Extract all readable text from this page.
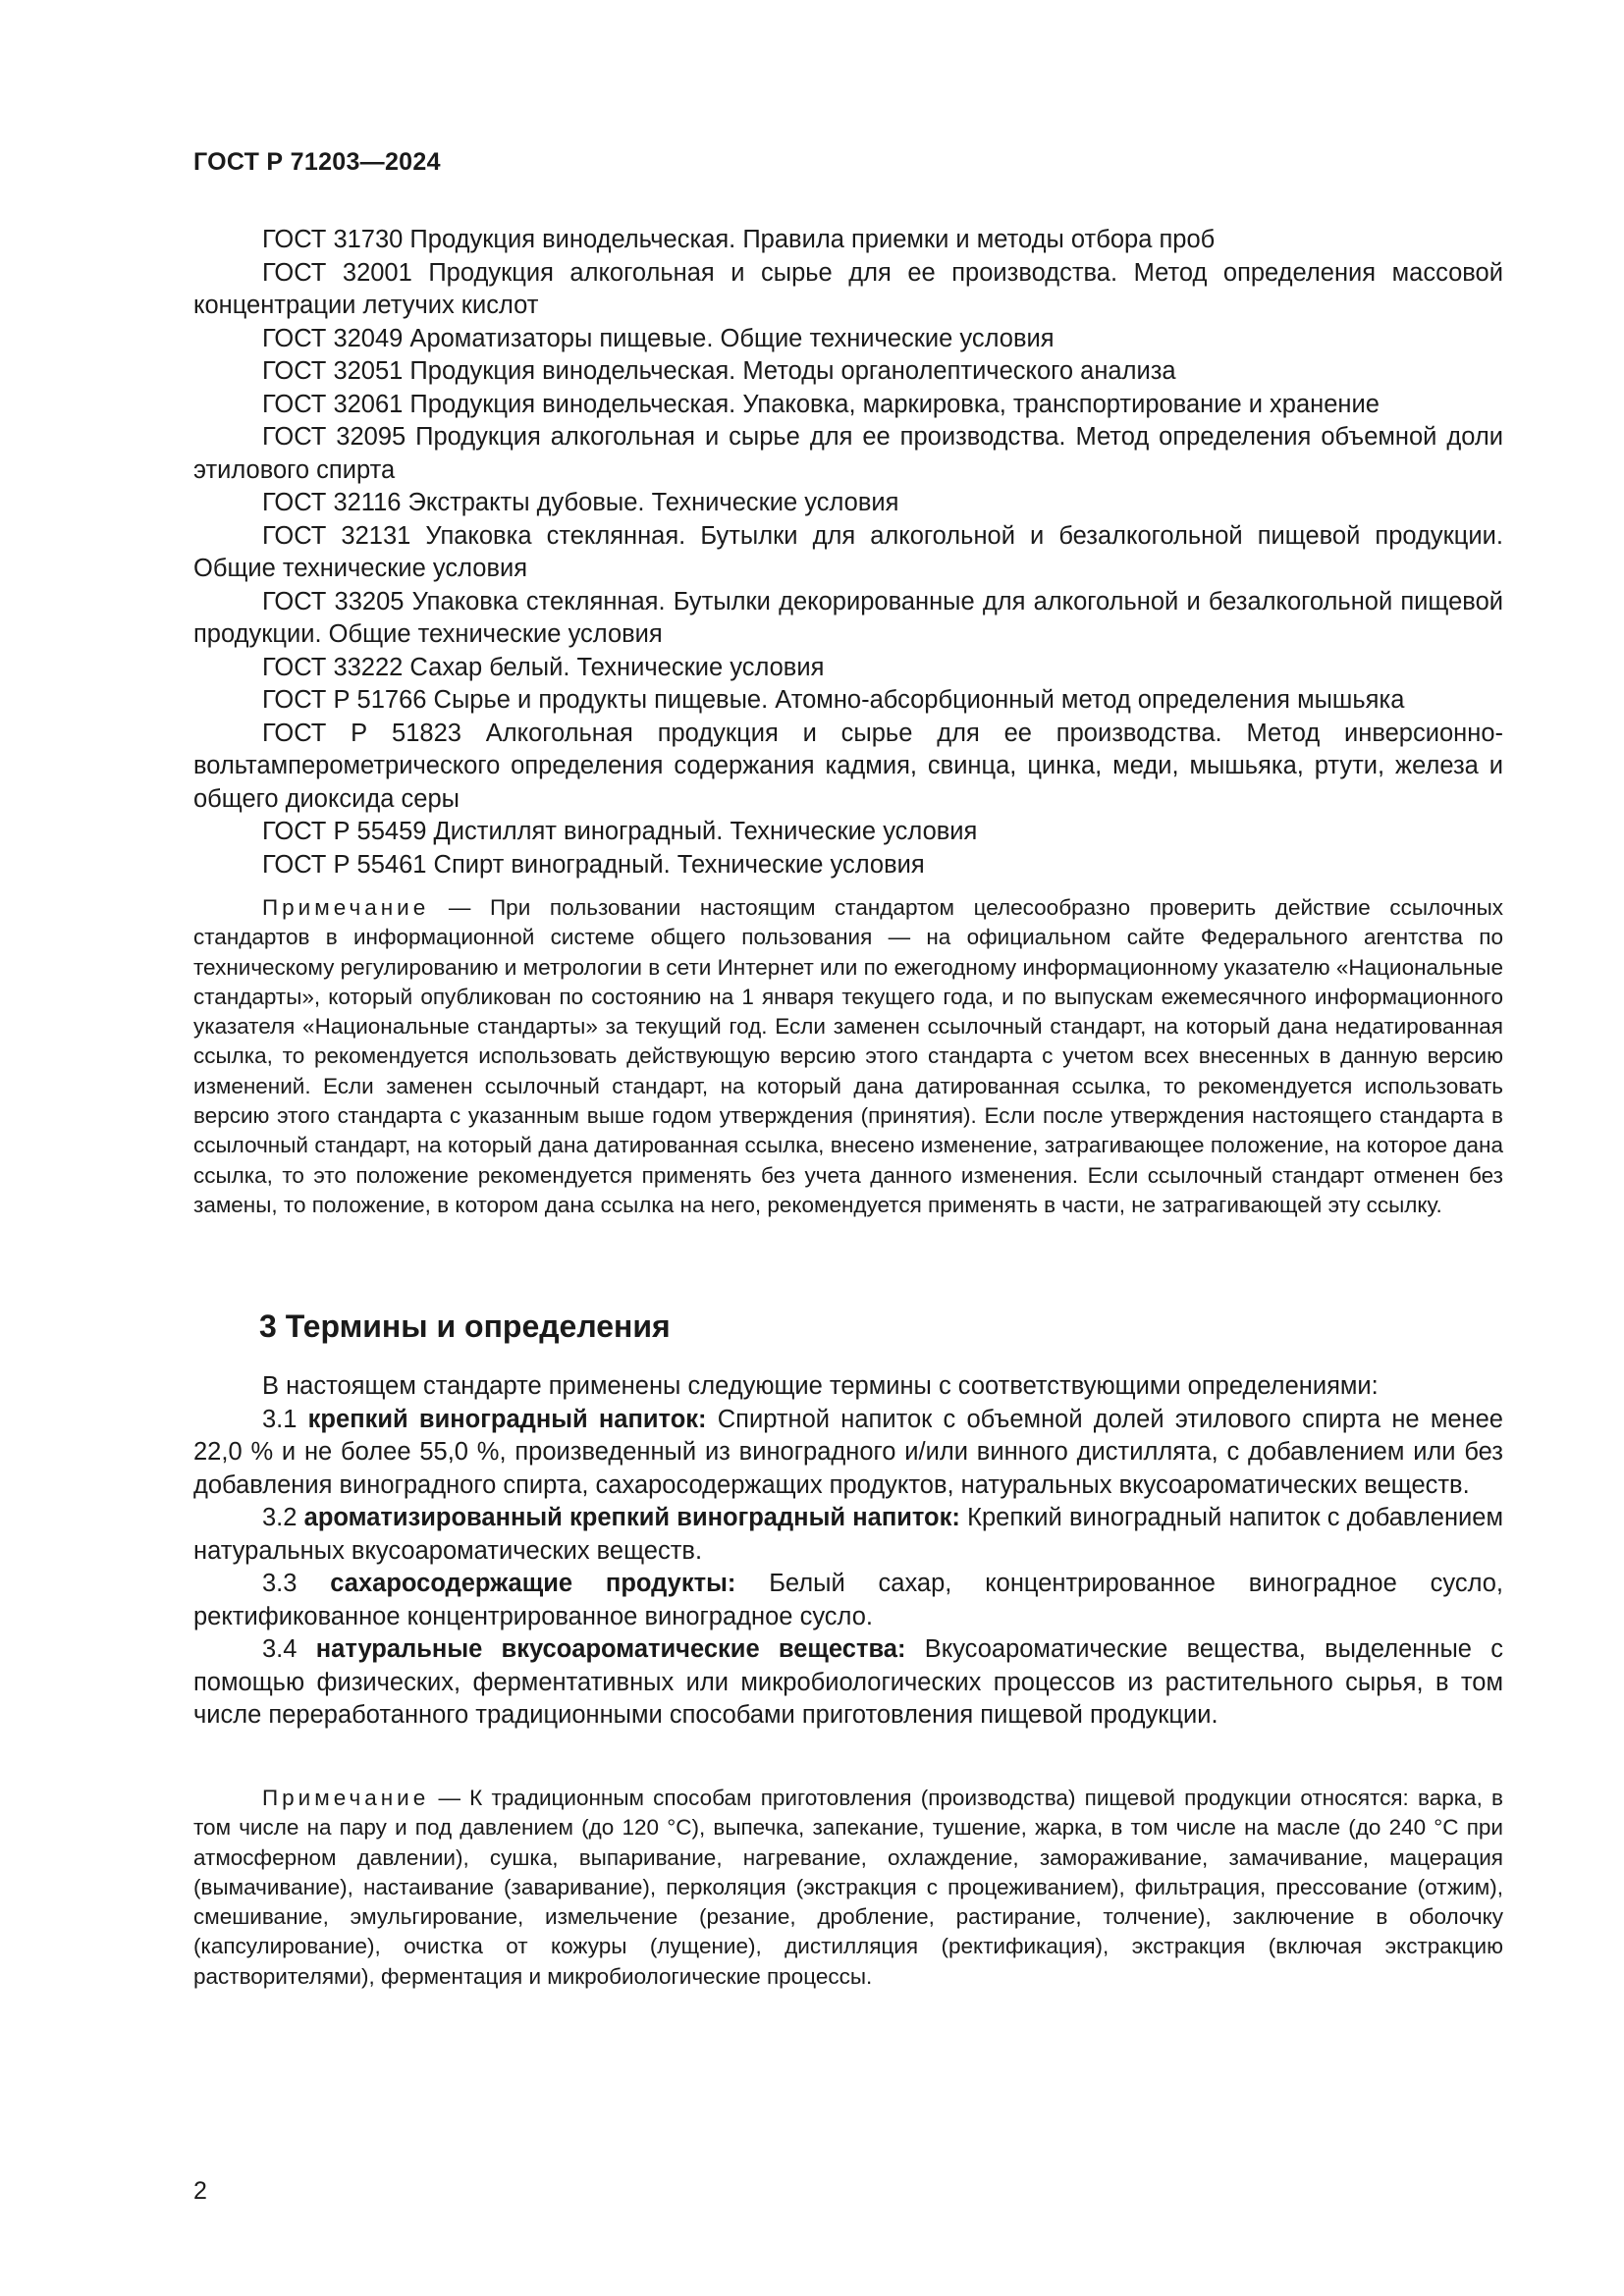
ГОСТ Р 71203—2024

ГОСТ 31730 Продукция винодельческая. Правила приемки и методы отбора проб

ГОСТ 32001 Продукция алкогольная и сырье для ее производства. Метод определения массовой концентрации летучих кислот

ГОСТ 32049 Ароматизаторы пищевые. Общие технические условия

ГОСТ 32051 Продукция винодельческая. Методы органолептического анализа

ГОСТ 32061 Продукция винодельческая. Упаковка, маркировка, транспортирование и хранение

ГОСТ 32095 Продукция алкогольная и сырье для ее производства. Метод определения объемной доли этилового спирта

ГОСТ 32116 Экстракты дубовые. Технические условия

ГОСТ 32131 Упаковка стеклянная. Бутылки для алкогольной и безалкогольной пищевой продукции. Общие технические условия

ГОСТ 33205 Упаковка стеклянная. Бутылки декорированные для алкогольной и безалкогольной пищевой продукции. Общие технические условия

ГОСТ 33222 Сахар белый. Технические условия

ГОСТ Р 51766 Сырье и продукты пищевые. Атомно-абсорбционный метод определения мышьяка

ГОСТ Р 51823 Алкогольная продукция и сырье для ее производства. Метод инверсионно-вольтамперометрического определения содержания кадмия, свинца, цинка, меди, мышьяка, ртути, железа и общего диоксида серы

ГОСТ Р 55459 Дистиллят виноградный. Технические условия

ГОСТ Р 55461 Спирт виноградный. Технические условия

Примечание — При пользовании настоящим стандартом целесообразно проверить действие ссылочных стандартов в информационной системе общего пользования — на официальном сайте Федерального агентства по техническому регулированию и метрологии в сети Интернет или по ежегодному информационному указателю «Национальные стандарты», который опубликован по состоянию на 1 января текущего года, и по выпускам ежемесячного информационного указателя «Национальные стандарты» за текущий год. Если заменен ссылочный стандарт, на который дана недатированная ссылка, то рекомендуется использовать действующую версию этого стандарта с учетом всех внесенных в данную версию изменений. Если заменен ссылочный стандарт, на который дана датированная ссылка, то рекомендуется использовать версию этого стандарта с указанным выше годом утверждения (принятия). Если после утверждения настоящего стандарта в ссылочный стандарт, на который дана датированная ссылка, внесено изменение, затрагивающее положение, на которое дана ссылка, то это положение рекомендуется применять без учета данного изменения. Если ссылочный стандарт отменен без замены, то положение, в котором дана ссылка на него, рекомендуется применять в части, не затрагивающей эту ссылку.

3 Термины и определения

В настоящем стандарте применены следующие термины с соответствующими определениями:

3.1 крепкий виноградный напиток: Спиртной напиток с объемной долей этилового спирта не менее 22,0 % и не более 55,0 %, произведенный из виноградного и/или винного дистиллята, с добавлением или без добавления виноградного спирта, сахаросодержащих продуктов, натуральных вкусоароматических веществ.

3.2 ароматизированный крепкий виноградный напиток: Крепкий виноградный напиток с добавлением натуральных вкусоароматических веществ.

3.3 сахаросодержащие продукты: Белый сахар, концентрированное виноградное сусло, ректификованное концентрированное виноградное сусло.

3.4 натуральные вкусоароматические вещества: Вкусоароматические вещества, выделенные с помощью физических, ферментативных или микробиологических процессов из растительного сырья, в том числе переработанного традиционными способами приготовления пищевой продукции.

Примечание — К традиционным способам приготовления (производства) пищевой продукции относятся: варка, в том числе на пару и под давлением (до 120 °С), выпечка, запекание, тушение, жарка, в том числе на масле (до 240 °С при атмосферном давлении), сушка, выпаривание, нагревание, охлаждение, замораживание, замачивание, мацерация (вымачивание), настаивание (заваривание), перколяция (экстракция с процеживанием), фильтрация, прессование (отжим), смешивание, эмульгирование, измельчение (резание, дробление, растирание, толчение), заключение в оболочку (капсулирование), очистка от кожуры (лущение), дистилляция (ректификация), экстракция (включая экстракцию растворителями), ферментация и микробиологические процессы.

2
